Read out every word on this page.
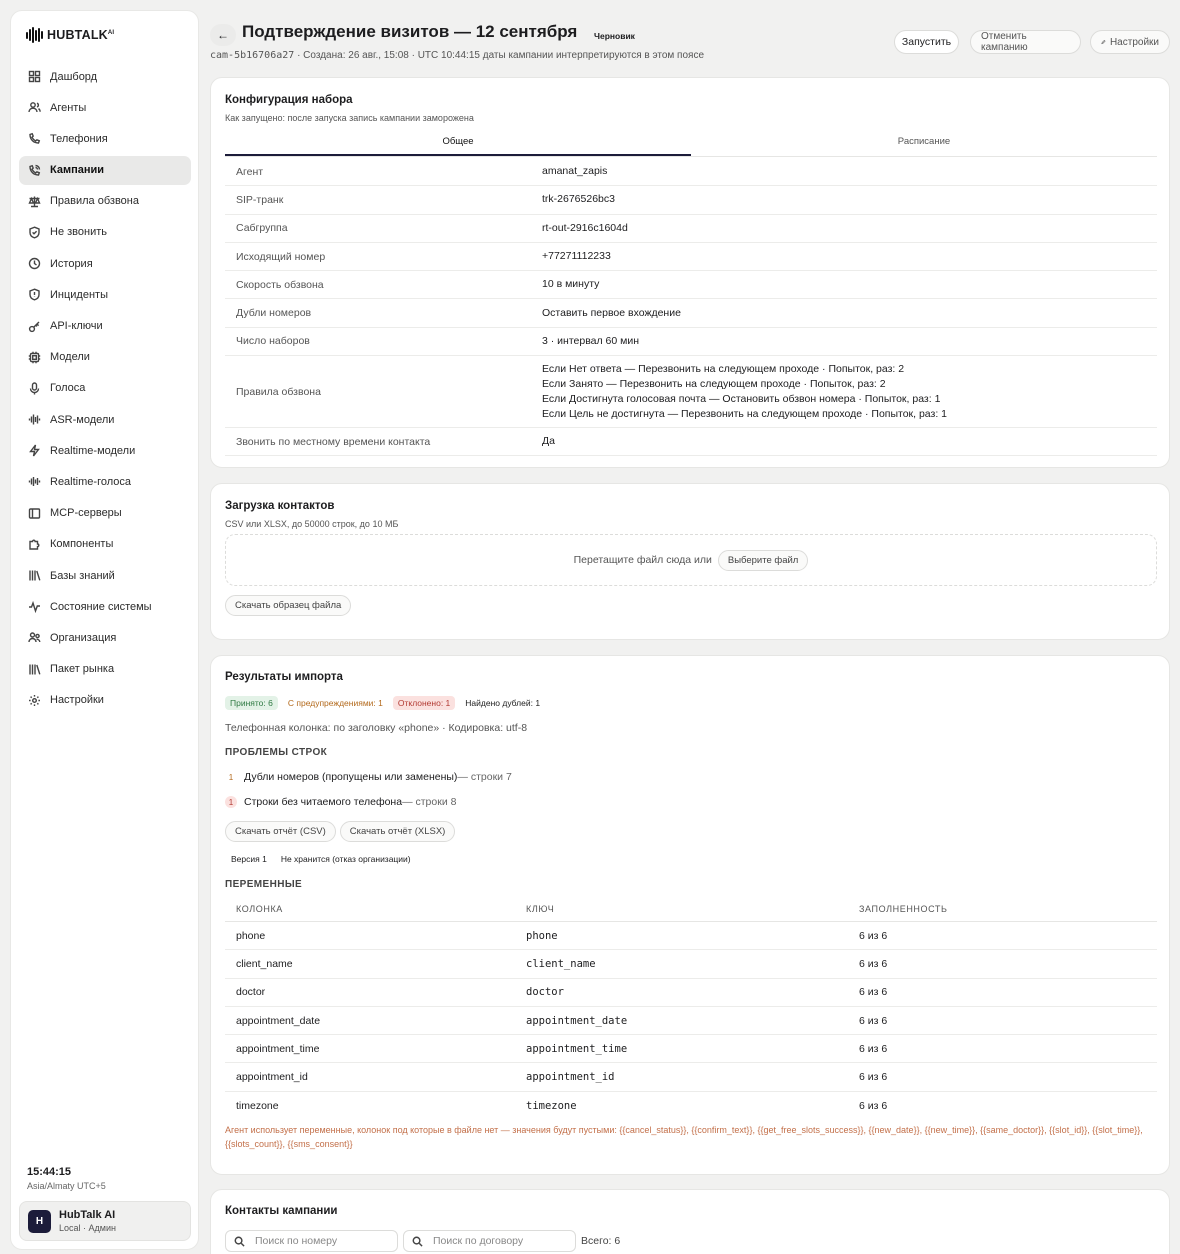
$HUBTALK^{AI}$
Дашборд
Агенты
Телефония
Кампании
Правила обзвона
Не звонить
История
Инциденты
API-ключи
Модели
Голоса
ASR-модели
Realtime-модели
Realtime-голоса
MCP-серверы
Компоненты
Базы знаний
Состояние системы
Организация
Пакет рынка
Настройки
15:44:15
Asia/Almaty UTC+5
H	HubTalk AI
Local · Админ
← Подтверждение визитов — 12 сентября Черновик
cam-5b16706a27 · Создана: 26 авг., 15:08 · UTC 10:44:15 даты кампании интерпретируются в этом поясе
Запустить	Отменить кампанию	Настройки
Конфигурация набора
Как запущено: после запуска запись кампании заморожена
Общее	Расписание
Агент	amanat_zapis
SIP-транк	trk-2676526bc3
Сабгруппа	rt-out-2916c1604d
Исходящий номер	+77271112233
Скорость обзвона	10 в минуту
Дубли номеров	Оставить первое вхождение
Число наборов	3 · интервал 60 мин
Правила обзвона
Если Нет ответа — Перезвонить на следующем проходе · Попыток, раз: 2
Если Занято — Перезвонить на следующем проходе · Попыток, раз: 2
Если Достигнута голосовая почта — Остановить обзвон номера · Попыток, раз: 1
Если Цель не достигнута — Перезвонить на следующем проходе · Попыток, раз: 1
Звонить по местному времени контакта	Да
Загрузка контактов
CSV или XLSX, до 50000 строк, до 10 МБ
Перетащите файл сюда или	Выберите файл
Скачать образец файла
Результаты импорта
Принято: 6	С предупреждениями: 1	Отклонено: 1	Найдено дублей: 1
Телефонная колонка: по заголовку «phone» · Кодировка: utf-8
ПРОБЛЕМЫ СТРОК
1	Дубли номеров (пропущены или заменены) — строки 7
1	Строки без читаемого телефона — строки 8
Скачать отчёт (CSV)	Скачать отчёт (XLSX)
Версия 1 Не хранится (отказ организации)
ПЕРЕМЕННЫЕ
КОЛОНКА	КЛЮЧ	ЗАПОЛНЕННОСТЬ
phone	phone	6 из 6
client_name	client_name	6 из 6
doctor	doctor	6 из 6
appointment_date	appointment_date	6 из 6
appointment_time	appointment_time	6 из 6
appointment_id	appointment_id	6 из 6
timezone	timezone	6 из 6
Агент использует переменные, колонок под которые в файле нет — значения будут пустыми: {{cancel_status}}, {{confirm_text}}, {{get_free_slots_success}}, {{new_date}}, {{new_time}}, {{same_doctor}}, {{slot_id}}, {{slot_time}}, {{slots_count}}, {{sms_consent}}
Контакты кампании
Поиск по номеру	Поиск по договору	Всего: 6
